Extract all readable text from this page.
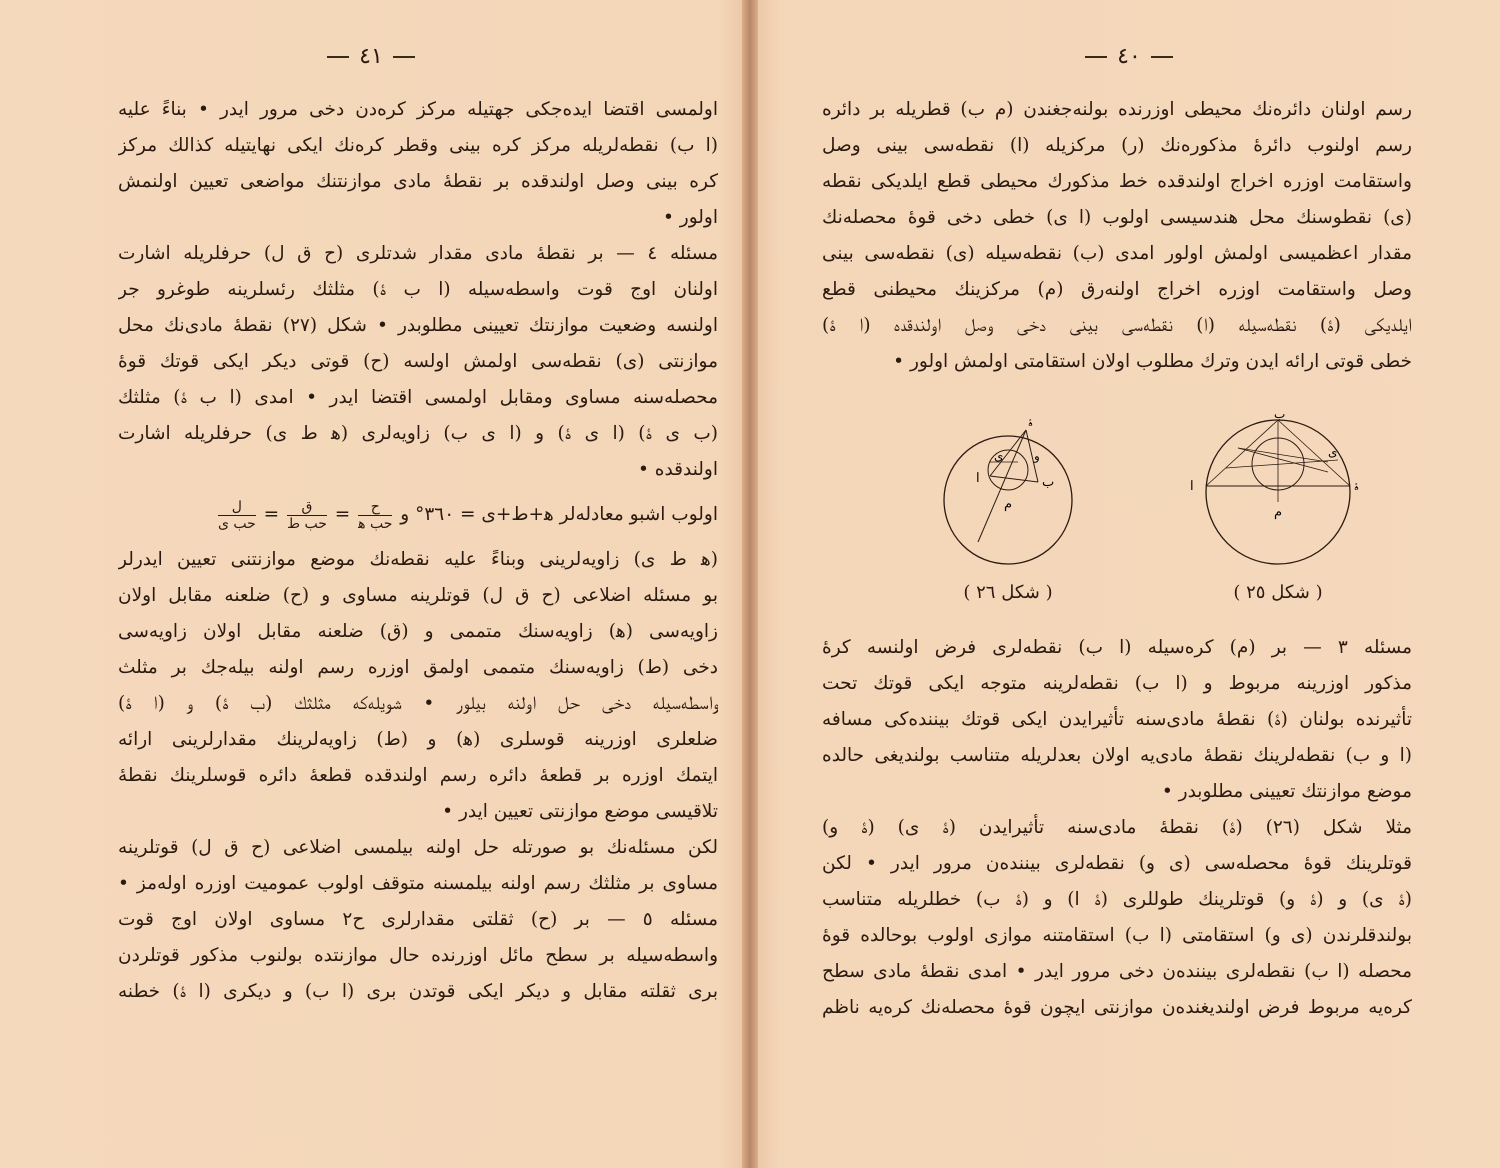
٤١
اولمسی اقتضا ایده‌جکی جهتیله مرکز کره‌دن دخی مرور ایدر • بناءً علیه
(ا ب) نقطه‌لریله مرکز کره بینی وقطر کره‌نك ایکی نهایتیله کذالك مرکز
کره بینی وصل اولندقده بر نقطهٔ مادی موازنتنك مواضعی تعیین اولنمش
اولور •
مسئله ٤ — بر نقطهٔ مادی مقدار شدتلری (ح ق ل) حرفلریله اشارت
اولنان اوج قوت واسطه‌سیله (ا ب ﮤ) مثلثك رئسلرینه طوغرو جر
اولنسه وضعیت موازنتك تعیینی مطلوبدر • شکل (٢٧) نقطهٔ مادی‌نك محل
موازنتی (ی) نقطه‌سی اولمش اولسه (ح) قوتی دیکر ایکی قوتك قوهٔ
محصله‌سنه مساوی ومقابل اولمسی اقتضا ایدر • امدی (ا ب ﮤ) مثلثك
(ب ی ﮤ) (ا ی ﮤ) و (ا ی ب) زاویه‌لری (ﮬ ط ی) حرفلریله اشارت
اولندقده •
اولوب اشبو معادله‌لر ﮬ+ط+ی = ٣٦٠° و
$\frac{\text{ح}}{\text{حب ﮬ}}$
=
$\frac{\text{ق}}{\text{حب ط}}$
=
$\frac{\text{ل}}{\text{حب ی}}$
(ﮬ ط ی) زاویه‌لرینی وبناءً علیه نقطه‌نك موضع موازنتنی تعیین ایدرلر
بو مسئله اضلاعی (ح ق ل) قوتلرینه مساوی و (ح) ضلعنه مقابل اولان
زاویه‌سی (ﮬ) زاویه‌سنك متممی و (ق) ضلعنه مقابل اولان زاویه‌سی
دخی (ط) زاویه‌سنك متممی اولمق اوزره رسم اولنه بیله‌جك بر مثلث
واسطه‌سیله دخی حل اولنه بیلور • شویله‌که مثلثك (ب ﮤ) و (ا ﮤ)
ضلعلری اوزرینه قوسلری (ﮬ) و (ط) زاویه‌لرینك مقدارلرینی ارائه
ایتمك اوزره بر قطعهٔ دائره رسم اولندقده قطعهٔ دائره قوسلرینك نقطهٔ
تلاقیسی موضع موازنتی تعیین ایدر •
لکن مسئله‌نك بو صورتله حل اولنه بیلمسی اضلاعی (ح ق ل) قوتلرینه
مساوی بر مثلثك رسم اولنه بیلمسنه متوقف اولوب عمومیت اوزره اولەمز •
مسئله ٥ — بر (ح) ثقلتی مقدارلری ح٢ مساوی اولان اوج قوت
واسطه‌سیله بر سطح مائل اوزرنده حال موازنتده بولنوب مذکور قوتلردن
بری ثقلته مقابل و دیکر ایکی قوتدن بری (ا ب) و دیکری (ا ﮤ) خطنه
٤٠
رسم اولنان دائره‌نك محیطی اوزرنده بولنه‌جغندن (م ب) قطریله بر دائره
رسم اولنوب دائرهٔ مذکوره‌نك (ر) مرکزیله (ا) نقطه‌سی بینی وصل
واستقامت اوزره اخراج اولندقده خط مذکورك محیطی قطع ایلدیکی نقطه
(ی) نقطوسنك محل هندسیسی اولوب (ا ی) خطی دخی قوهٔ محصله‌نك
مقدار اعظمیسی اولمش اولور امدی (ب) نقطه‌سیله (ی) نقطه‌سی بینی
وصل واستقامت اوزره اخراج اولنه‌رق (م) مرکزینك محیطنی قطع
ایلدیکی (ﮤ) نقطه‌سیله (ا) نقطه‌سی بینی دخی وصل اولندقده (ا ﮤ)
خطی قوتی ارائه ایدن وترك مطلوب اولان استقامتی اولمش اولور •
ﮤ
ا	ب
م
ی	و
( شکل ٢٦ )
ا	ﮤ
م
ب
ی
( شکل ٢٥ )
مسئله ٣ — بر (م) کره‌سیله (ا ب) نقطه‌لری فرض اولنسه کرهٔ
مذکور اوزرینه مربوط و (ا ب) نقطه‌لرینه متوجه ایکی قوتك تحت
تأثیرنده بولنان (ﮤ) نقطهٔ مادی‌سنه تأثیرایدن ایکی قوتك بیننده‌کی مسافه
(ا و ب) نقطه‌لرینك نقطهٔ مادی‌یه اولان بعدلریله متناسب بولندیغی حالده
موضع موازنتك تعیینی مطلوبدر •
مثلا شکل (٢٦) (ﮤ) نقطهٔ مادی‌سنه تأثیرایدن (ﮤ ی) (ﮤ و)
قوتلرینك قوهٔ محصله‌سی (ی و) نقطه‌لری بیننده‌ن مرور ایدر • لکن
(ﮤ ی) و (ﮤ و) قوتلرینك طوللری (ﮤ ا) و (ﮤ ب) خطلریله متناسب
بولندقلرندن (ی و) استقامتی (ا ب) استقامتنه موازی اولوب بوحالده قوهٔ
محصله (ا ب) نقطه‌لری بیننده‌ن دخی مرور ایدر • امدی نقطهٔ مادی سطح
کره‌یه مربوط فرض اولندیغنده‌ن موازنتی ایچون قوهٔ محصله‌نك کره‌یه ناظم
